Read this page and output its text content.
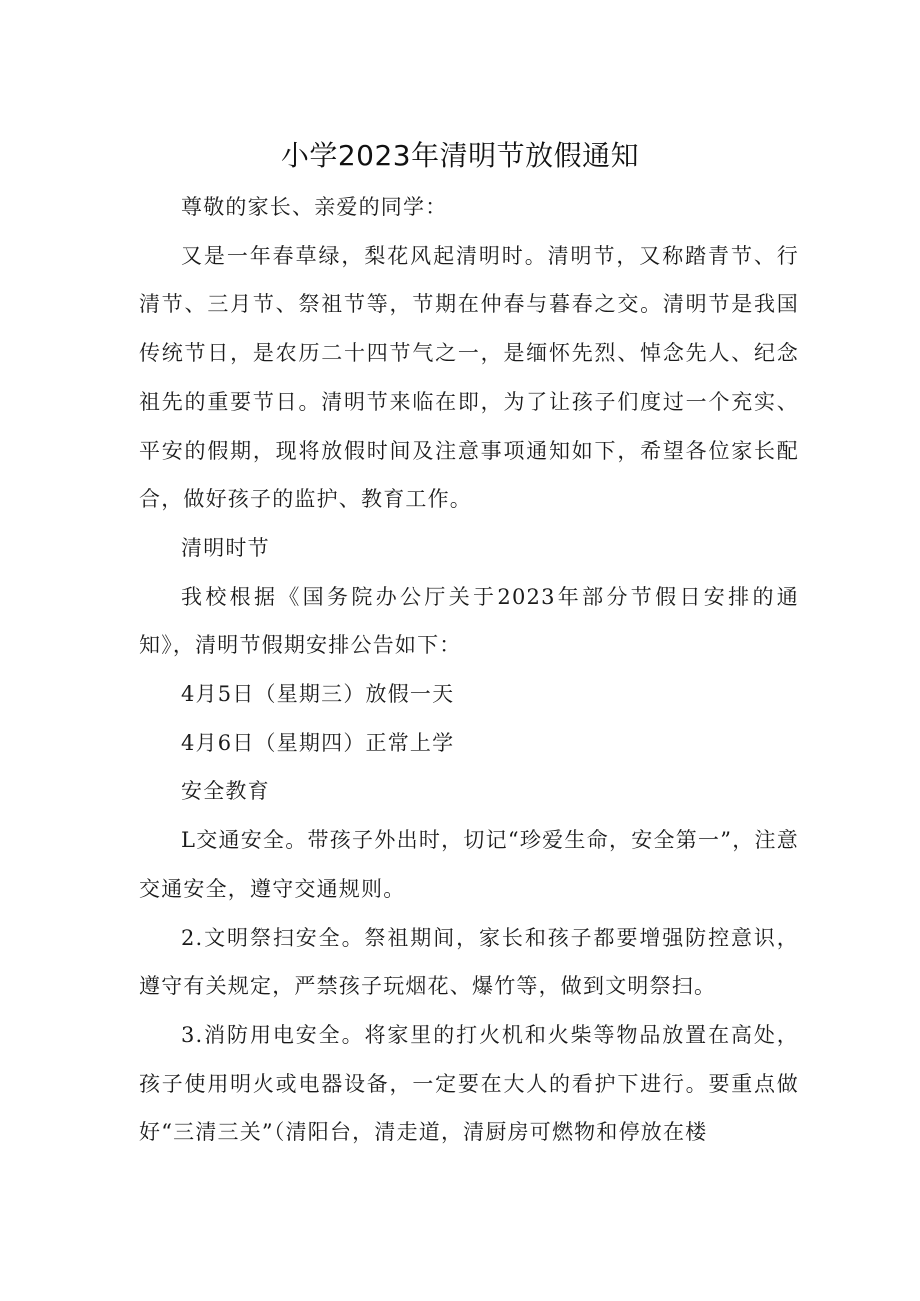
小学2023年清明节放假通知

尊敬的家长、亲爱的同学：

又是一年春草绿，梨花风起清明时。清明节，又称踏青节、行清节、三月节、祭祖节等，节期在仲春与暮春之交。清明节是我国传统节日，是农历二十四节气之一，是缅怀先烈、悼念先人、纪念祖先的重要节日。清明节来临在即，为了让孩子们度过一个充实、平安的假期，现将放假时间及注意事项通知如下，希望各位家长配合，做好孩子的监护、教育工作。

清明时节

我校根据《国务院办公厅关于2023年部分节假日安排的通知》，清明节假期安排公告如下：

4月5日（星期三）放假一天

4月6日（星期四）正常上学

安全教育

L交通安全。带孩子外出时，切记“珍爱生命，安全第一”，注意交通安全，遵守交通规则。

2.文明祭扫安全。祭祖期间，家长和孩子都要增强防控意识，遵守有关规定，严禁孩子玩烟花、爆竹等，做到文明祭扫。

3.消防用电安全。将家里的打火机和火柴等物品放置在高处，孩子使用明火或电器设备，一定要在大人的看护下进行。要重点做好“三清三关”（清阳台，清走道，清厨房可燃物和停放在楼
